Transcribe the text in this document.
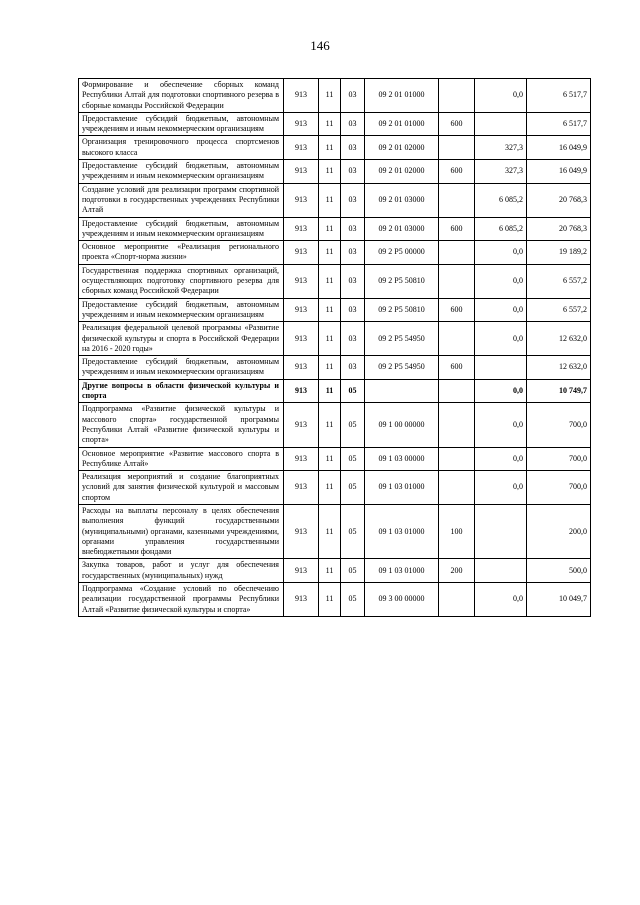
146
Формирование и обеспечение сборных команд Республики Алтай для подготовки спортивного резерва в сборные команды Российской Федерации	913	11	03	09 2 01 01000		0,0	6 517,7
Предоставление субсидий бюджетным, автономным учреждениям и иным некоммерческим организациям	913	11	03	09 2 01 01000	600		6 517,7
Организация тренировочного процесса спортсменов высокого класса	913	11	03	09 2 01 02000		327,3	16 049,9
Предоставление субсидий бюджетным, автономным учреждениям и иным некоммерческим организациям	913	11	03	09 2 01 02000	600	327,3	16 049,9
Создание условий для реализации программ спортивной подготовки в государственных учреждениях Республики Алтай	913	11	03	09 2 01 03000		6 085,2	20 768,3
Предоставление субсидий бюджетным, автономным учреждениям и иным некоммерческим организациям	913	11	03	09 2 01 03000	600	6 085,2	20 768,3
Основное мероприятие «Реализация регионального проекта «Спорт-норма жизни»	913	11	03	09 2 P5 00000		0,0	19 189,2
Государственная поддержка спортивных организаций, осуществляющих подготовку спортивного резерва для сборных команд Российской Федерации	913	11	03	09 2 P5 50810		0,0	6 557,2
Предоставление субсидий бюджетным, автономным учреждениям и иным некоммерческим организациям	913	11	03	09 2 P5 50810	600	0,0	6 557,2
Реализация федеральной целевой программы «Развитие физической культуры и спорта в Российской Федерации на 2016 - 2020 годы»	913	11	03	09 2 P5 54950		0,0	12 632,0
Предоставление субсидий бюджетным, автономным учреждениям и иным некоммерческим организациям	913	11	03	09 2 P5 54950	600		12 632,0
Другие вопросы в области физической культуры и спорта	913	11	05			0,0	10 749,7
Подпрограмма «Развитие физической культуры и массового спорта» государственной программы Республики Алтай «Развитие физической культуры и спорта»	913	11	05	09 1 00 00000		0,0	700,0
Основное мероприятие «Развитие массового спорта в Республике Алтай»	913	11	05	09 1 03 00000		0,0	700,0
Реализация мероприятий и создание благоприятных условий для занятия физической культурой и массовым спортом	913	11	05	09 1 03 01000		0,0	700,0
Расходы на выплаты персоналу в целях обеспечения выполнения функций государственными (муниципальными) органами, казенными учреждениями, органами управления государственными внебюджетными фондами	913	11	05	09 1 03 01000	100		200,0
Закупка товаров, работ и услуг для обеспечения государственных (муниципальных) нужд	913	11	05	09 1 03 01000	200		500,0
Подпрограмма «Создание условий по обеспечению реализации государственной программы Республики Алтай «Развитие физической культуры и спорта»	913	11	05	09 3 00 00000		0,0	10 049,7
